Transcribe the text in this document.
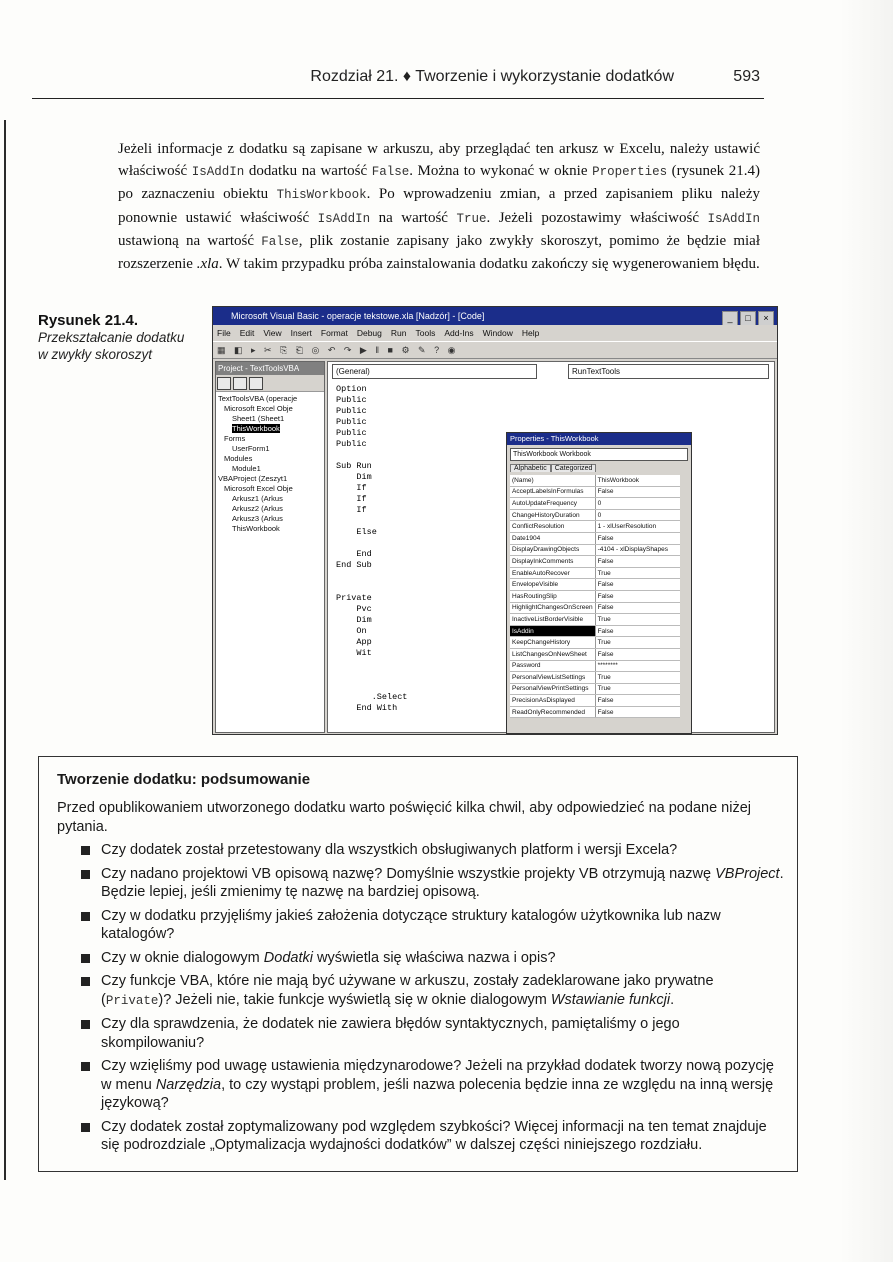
Rozdział 21. ♦ Tworzenie i wykorzystanie dodatków	593
Jeżeli informacje z dodatku są zapisane w arkuszu, aby przeglądać ten arkusz w Excelu, należy ustawić właściwość IsAddIn dodatku na wartość False. Można to wykonać w oknie Properties (rysunek 21.4) po zaznaczeniu obiektu ThisWorkbook. Po wprowadzeniu zmian, a przed zapisaniem pliku należy ponownie ustawić właściwość IsAddIn na wartość True. Jeżeli pozostawimy właściwość IsAddIn ustawioną na wartość False, plik zostanie zapisany jako zwykły skoroszyt, pomimo że będzie miał rozszerzenie .xla. W takim przypadku próba zainstalowania dodatku zakończy się wygenerowaniem błędu.
Rysunek 21.4.
Przekształcanie dodatku w zwykły skoroszyt
Microsoft Visual Basic - operacje tekstowe.xla [Nadzór] - [Code]	_ □ ×
File Edit View Insert Format Debug Run Tools Add-Ins Window Help
▦ ◧ ▸ ✂ ⎘ ⎗ ◎ ↶ ↷ ▶ ‖ ■ ⚙ ✎ ? ◉
Project - TextToolsVBA
TextToolsVBA (operacje
Microsoft Excel Obje
Sheet1 (Sheet1
ThisWorkbook
Forms
UserForm1
Modules
Module1
VBAProject (Zeszyt1
Microsoft Excel Obje
Arkusz1 (Arkus
Arkusz2 (Arkus
Arkusz3 (Arkus
ThisWorkbook
(General)	RunTextTools
Option
Public
Public
Public
Public
Public

Sub Run
Dim
If
If
If

Else

End
End Sub

Private
Pvc
Dim
On
App
Wit

.Select
End With
Properties - ThisWorkbook
ThisWorkbook Workbook
Alphabetic Categorized
(Name)	ThisWorkbook
AcceptLabelsInFormulas	False
AutoUpdateFrequency	0
ChangeHistoryDuration	0
ConflictResolution	1 - xlUserResolution
Date1904	False
DisplayDrawingObjects	-4104 - xlDisplayShapes
DisplayInkComments	False
EnableAutoRecover	True
EnvelopeVisible	False
HasRoutingSlip	False
HighlightChangesOnScreen	False
InactiveListBorderVisible	True
IsAddin	False
KeepChangeHistory	True
ListChangesOnNewSheet	False
Password	********
PersonalViewListSettings	True
PersonalViewPrintSettings	True
PrecisionAsDisplayed	False
ReadOnlyRecommended	False
Tworzenie dodatku: podsumowanie
Przed opublikowaniem utworzonego dodatku warto poświęcić kilka chwil, aby odpowiedzieć na podane niżej pytania.
Czy dodatek został przetestowany dla wszystkich obsługiwanych platform i wersji Excela?
Czy nadano projektowi VB opisową nazwę? Domyślnie wszystkie projekty VB otrzymują nazwę VBProject. Będzie lepiej, jeśli zmienimy tę nazwę na bardziej opisową.
Czy w dodatku przyjęliśmy jakieś założenia dotyczące struktury katalogów użytkownika lub nazw katalogów?
Czy w oknie dialogowym Dodatki wyświetla się właściwa nazwa i opis?
Czy funkcje VBA, które nie mają być używane w arkuszu, zostały zadeklarowane jako prywatne (Private)? Jeżeli nie, takie funkcje wyświetlą się w oknie dialogowym Wstawianie funkcji.
Czy dla sprawdzenia, że dodatek nie zawiera błędów syntaktycznych, pamiętaliśmy o jego skompilowaniu?
Czy wzięliśmy pod uwagę ustawienia międzynarodowe? Jeżeli na przykład dodatek tworzy nową pozycję w menu Narzędzia, to czy wystąpi problem, jeśli nazwa polecenia będzie inna ze względu na inną wersję językową?
Czy dodatek został zoptymalizowany pod względem szybkości? Więcej informacji na ten temat znajduje się podrozdziale „Optymalizacja wydajności dodatków” w dalszej części niniejszego rozdziału.
